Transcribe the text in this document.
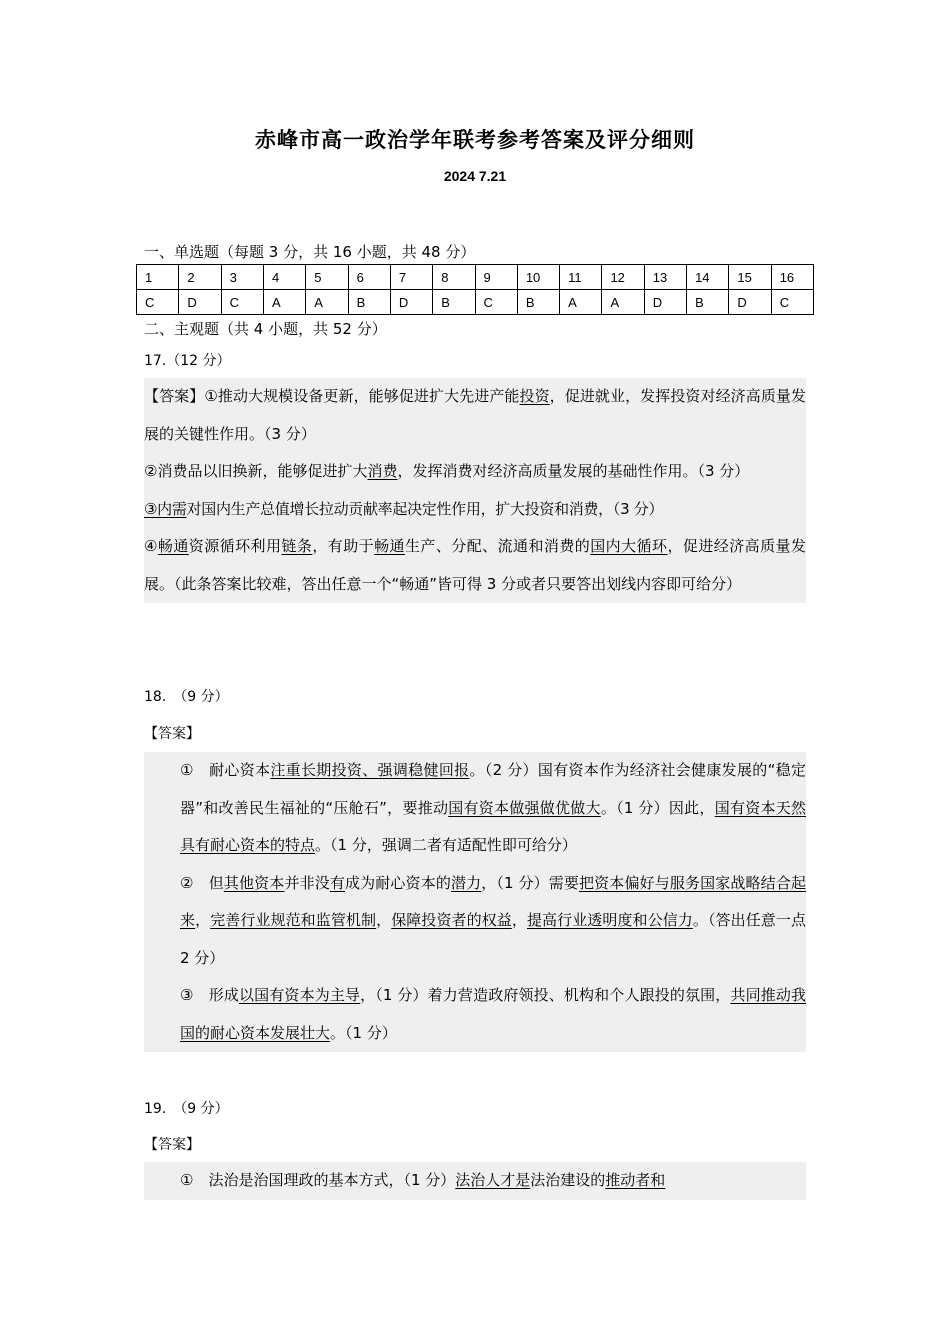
赤峰市高一政治学年联考参考答案及评分细则
2024 7.21
一、单选题（每题 3 分，共 16 小题，共 48 分）
1	2	3	4	5	6	7	8	9	10	11	12	13	14	15	16
C	D	C	A	A	B	D	B	C	B	A	A	D	B	D	C
二、主观题（共 4 小题，共 52 分）
17.（12 分）

【答案】①推动大规模设备更新，能够促进扩大先进产能投资，促进就业，发挥投资对经济高质量发展的关键性作用。（3 分）

②消费品以旧换新，能够促进扩大消费，发挥消费对经济高质量发展的基础性作用。（3 分）

③内需对国内生产总值增长拉动贡献率起决定性作用，扩大投资和消费，（3 分）

④畅通资源循环利用链条，有助于畅通生产、分配、流通和消费的国内大循环，促进经济高质量发展。（此条答案比较难，答出任意一个“畅通”皆可得 3 分或者只要答出划线内容即可给分）

18.　（9 分）
【答案】

①　耐心资本注重长期投资、强调稳健回报。（2 分）国有资本作为经济社会健康发展的“稳定器”和改善民生福祉的“压舱石”，要推动国有资本做强做优做大。（1 分）因此，国有资本天然具有耐心资本的特点。（1 分，强调二者有适配性即可给分）

②　但其他资本并非没有成为耐心资本的潜力，（1 分）需要把资本偏好与服务国家战略结合起来，完善行业规范和监管机制，保障投资者的权益，提高行业透明度和公信力。（答出任意一点 2 分）

③　形成以国有资本为主导，（1 分）着力营造政府领投、机构和个人跟投的氛围，共同推动我国的耐心资本发展壮大。（1 分）

19.　（9 分）
【答案】

①　法治是治国理政的基本方式，（1 分）法治人才是法治建设的推动者和
